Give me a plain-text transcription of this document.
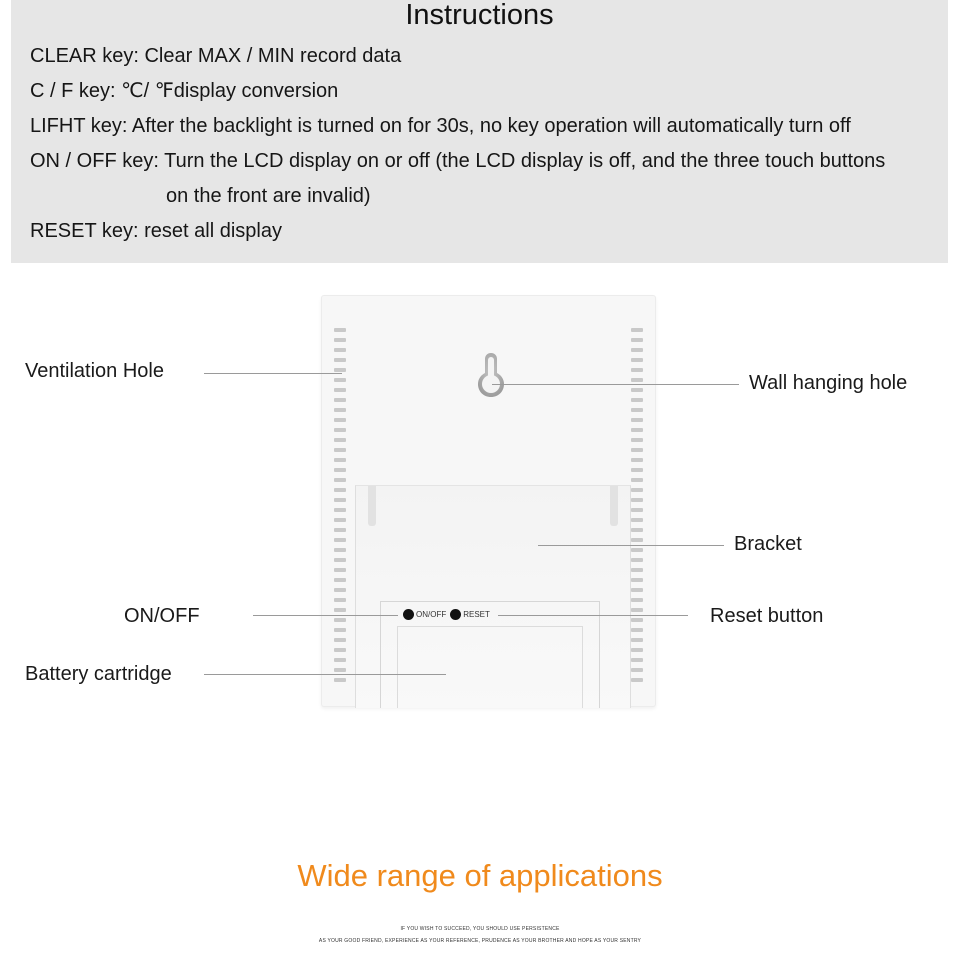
Instructions
CLEAR key: Clear MAX / MIN record data
C / F key: ℃/ ℉display conversion
LIFHT key: After the backlight is turned on for 30s, no key operation will automatically turn off
ON / OFF key: Turn the LCD display on or off (the LCD display is off, and the three touch buttons
on the front are invalid)
RESET key: reset all display
ON/OFF RESET
Ventilation Hole
Wall hanging hole
Bracket
ON/OFF	Reset button
Battery cartridge
Wide range of applications
IF YOU WISH TO SUCCEED, YOU SHOULD USE PERSISTENCE
AS YOUR GOOD FRIEND, EXPERIENCE AS YOUR REFERENCE, PRUDENCE AS YOUR BROTHER AND HOPE AS YOUR SENTRY
